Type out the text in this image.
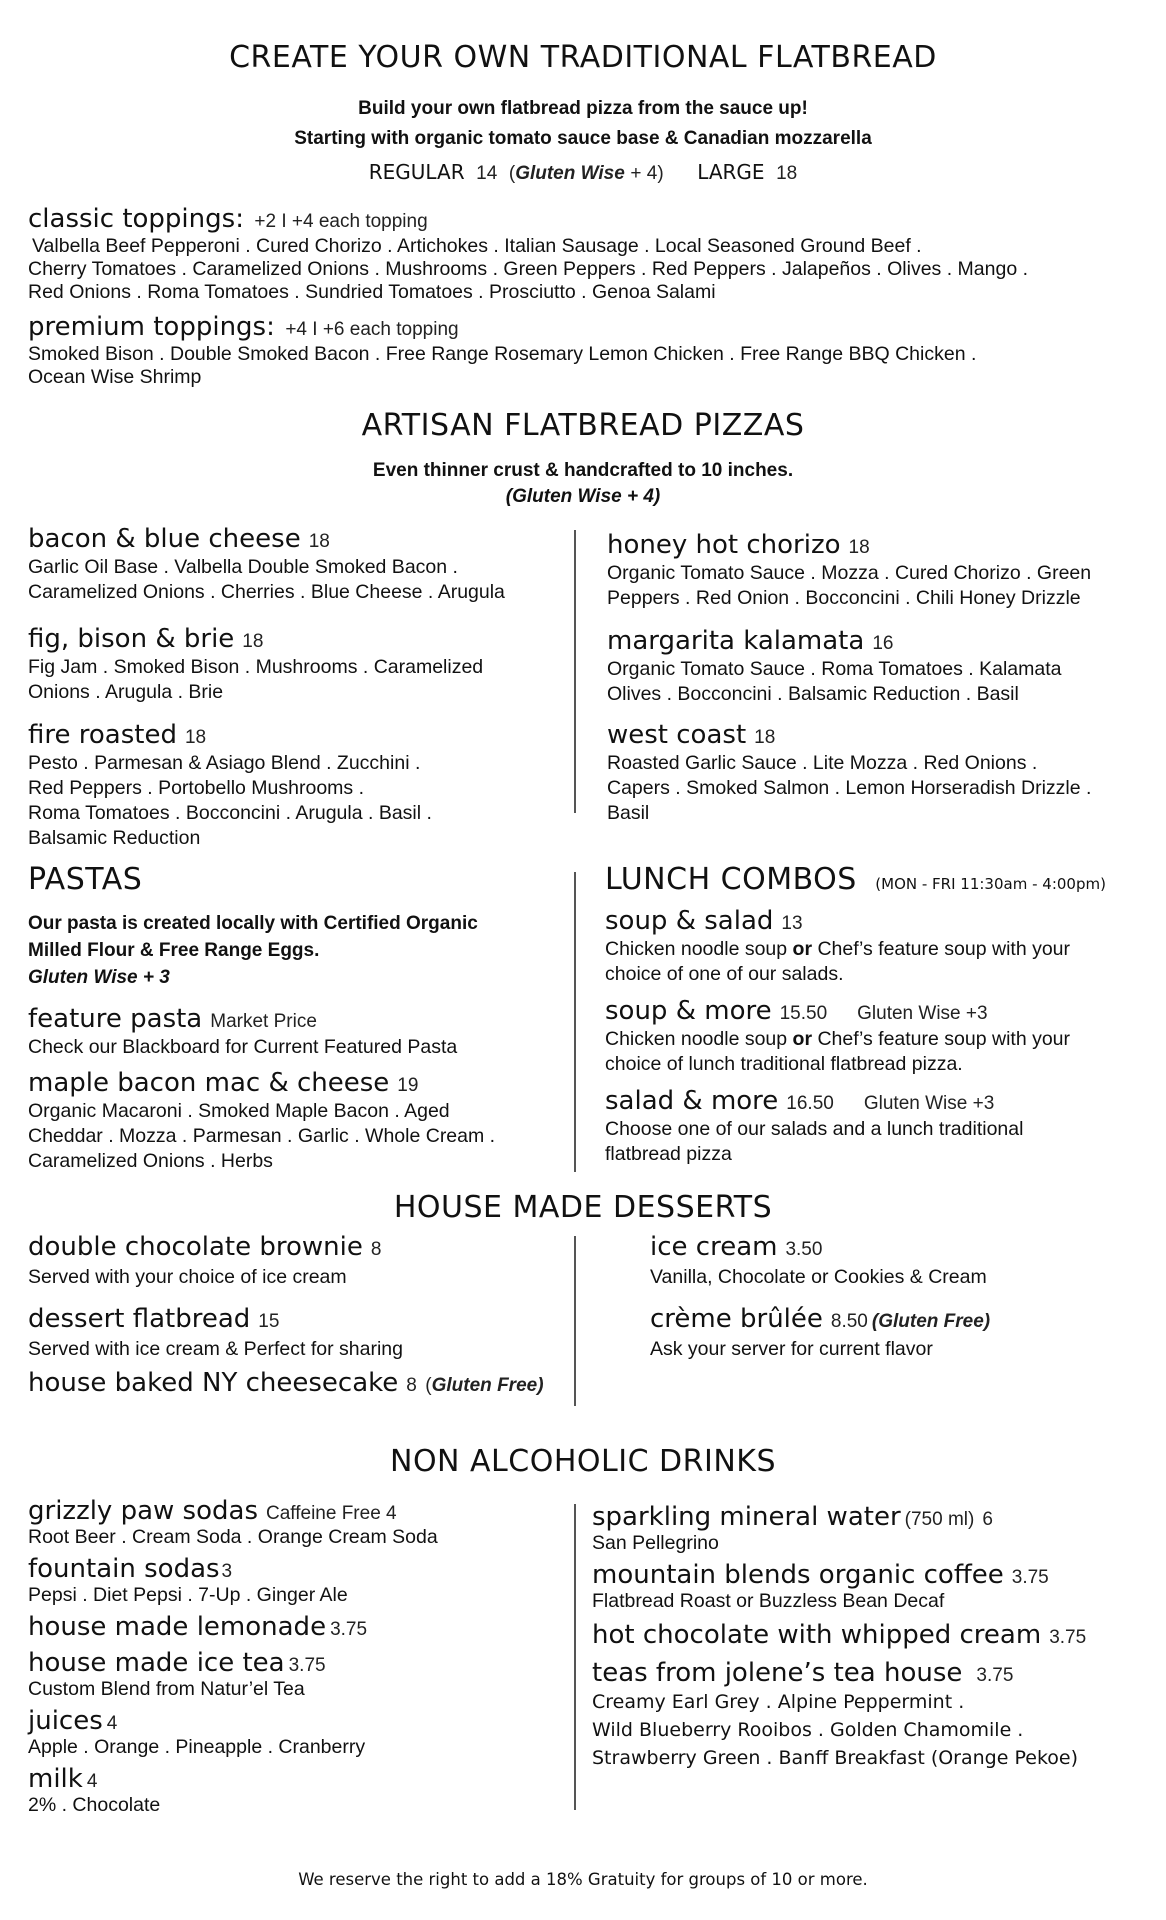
CREATE YOUR OWN TRADITIONAL FLATBREAD
Build your own flatbread pizza from the sauce up!
Starting with organic tomato sauce base & Canadian mozzarella
REGULAR 14 (Gluten Wise + 4) LARGE 18
classic toppings: +2 I +4 each topping
Valbella Beef Pepperoni . Cured Chorizo . Artichokes . Italian Sausage . Local Seasoned Ground Beef .
Cherry Tomatoes . Caramelized Onions . Mushrooms . Green Peppers . Red Peppers . Jalapeños . Olives . Mango .
Red Onions . Roma Tomatoes . Sundried Tomatoes . Prosciutto . Genoa Salami
premium toppings: +4 I +6 each topping
Smoked Bison . Double Smoked Bacon . Free Range Rosemary Lemon Chicken . Free Range BBQ Chicken .
Ocean Wise Shrimp
ARTISAN FLATBREAD PIZZAS
Even thinner crust & handcrafted to 10 inches.
(Gluten Wise + 4)
bacon & blue cheese 18
Garlic Oil Base . Valbella Double Smoked Bacon .
Caramelized Onions . Cherries . Blue Cheese . Arugula
fig, bison & brie 18
Fig Jam . Smoked Bison . Mushrooms . Caramelized
Onions . Arugula . Brie
fire roasted 18
Pesto . Parmesan & Asiago Blend . Zucchini .
Red Peppers . Portobello Mushrooms .
Roma Tomatoes . Bocconcini . Arugula . Basil .
Balsamic Reduction
honey hot chorizo 18
Organic Tomato Sauce . Mozza . Cured Chorizo . Green
Peppers . Red Onion . Bocconcini . Chili Honey Drizzle
margarita kalamata 16
Organic Tomato Sauce . Roma Tomatoes . Kalamata
Olives . Bocconcini . Balsamic Reduction . Basil
west coast 18
Roasted Garlic Sauce . Lite Mozza . Red Onions .
Capers . Smoked Salmon . Lemon Horseradish Drizzle .
Basil
PASTAS
Our pasta is created locally with Certified Organic
Milled Flour & Free Range Eggs.
Gluten Wise + 3
feature pasta Market Price
Check our Blackboard for Current Featured Pasta
maple bacon mac & cheese 19
Organic Macaroni . Smoked Maple Bacon . Aged
Cheddar . Mozza . Parmesan . Garlic . Whole Cream .
Caramelized Onions . Herbs
LUNCH COMBOS (MON - FRI 11:30am - 4:00pm)
soup & salad 13
Chicken noodle soup or Chef’s feature soup with your
choice of one of our salads.
soup & more 15.50 Gluten Wise +3
Chicken noodle soup or Chef’s feature soup with your
choice of lunch traditional flatbread pizza.
salad & more 16.50 Gluten Wise +3
Choose one of our salads and a lunch traditional
flatbread pizza
HOUSE MADE DESSERTS
double chocolate brownie 8
Served with your choice of ice cream
dessert flatbread 15
Served with ice cream & Perfect for sharing
house baked NY cheesecake 8 (Gluten Free)
ice cream 3.50
Vanilla, Chocolate or Cookies & Cream
crème brûlée 8.50 (Gluten Free)
Ask your server for current flavor
NON ALCOHOLIC DRINKS
grizzly paw sodas Caffeine Free 4
Root Beer . Cream Soda . Orange Cream Soda
fountain sodas 3
Pepsi . Diet Pepsi . 7-Up . Ginger Ale
house made lemonade 3.75
house made ice tea 3.75
Custom Blend from Natur’el Tea
juices 4
Apple . Orange . Pineapple . Cranberry
milk 4
2% . Chocolate
sparkling mineral water (750 ml) 6
San Pellegrino
mountain blends organic coffee 3.75
Flatbread Roast or Buzzless Bean Decaf
hot chocolate with whipped cream 3.75
teas from jolene’s tea house 3.75
Creamy Earl Grey . Alpine Peppermint .
Wild Blueberry Rooibos . Golden Chamomile .
Strawberry Green . Banff Breakfast (Orange Pekoe)
We reserve the right to add a 18% Gratuity for groups of 10 or more.
